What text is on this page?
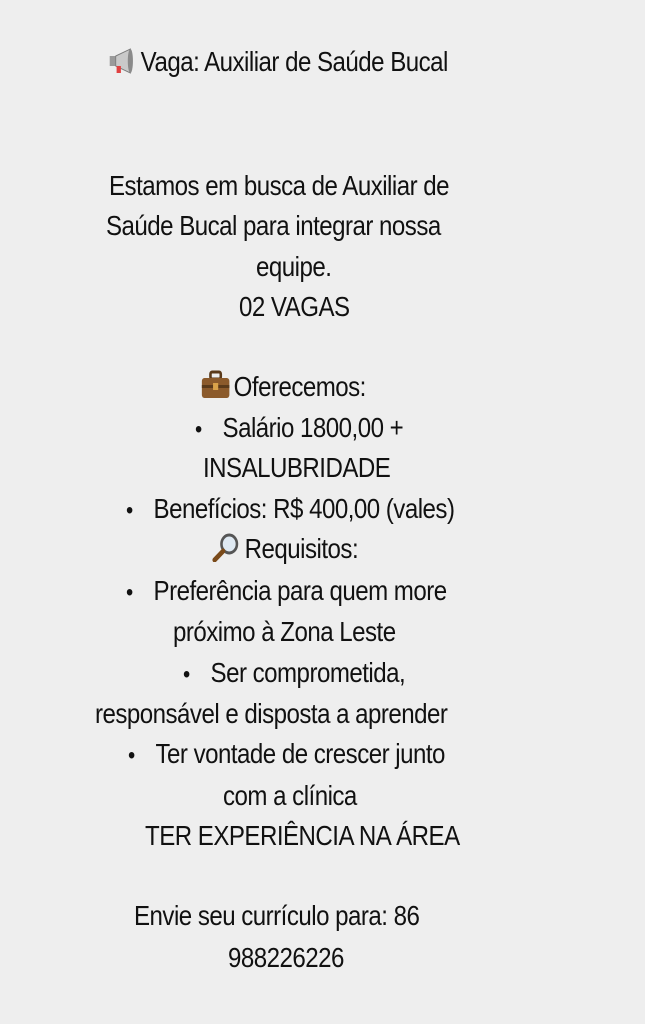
Vaga: Auxiliar de Saúde Bucal
Estamos em busca de Auxiliar de
Saúde Bucal para integrar nossa
equipe.
02 VAGAS
Oferecemos:
• Salário 1800,00 +
INSALUBRIDADE
• Benefícios: R$ 400,00 (vales)
Requisitos:
• Preferência para quem more
próximo à Zona Leste
• Ser comprometida,
responsável e disposta a aprender
• Ter vontade de crescer junto
com a clínica
TER EXPERIÊNCIA NA ÁREA
Envie seu currículo para: 86
988226226
